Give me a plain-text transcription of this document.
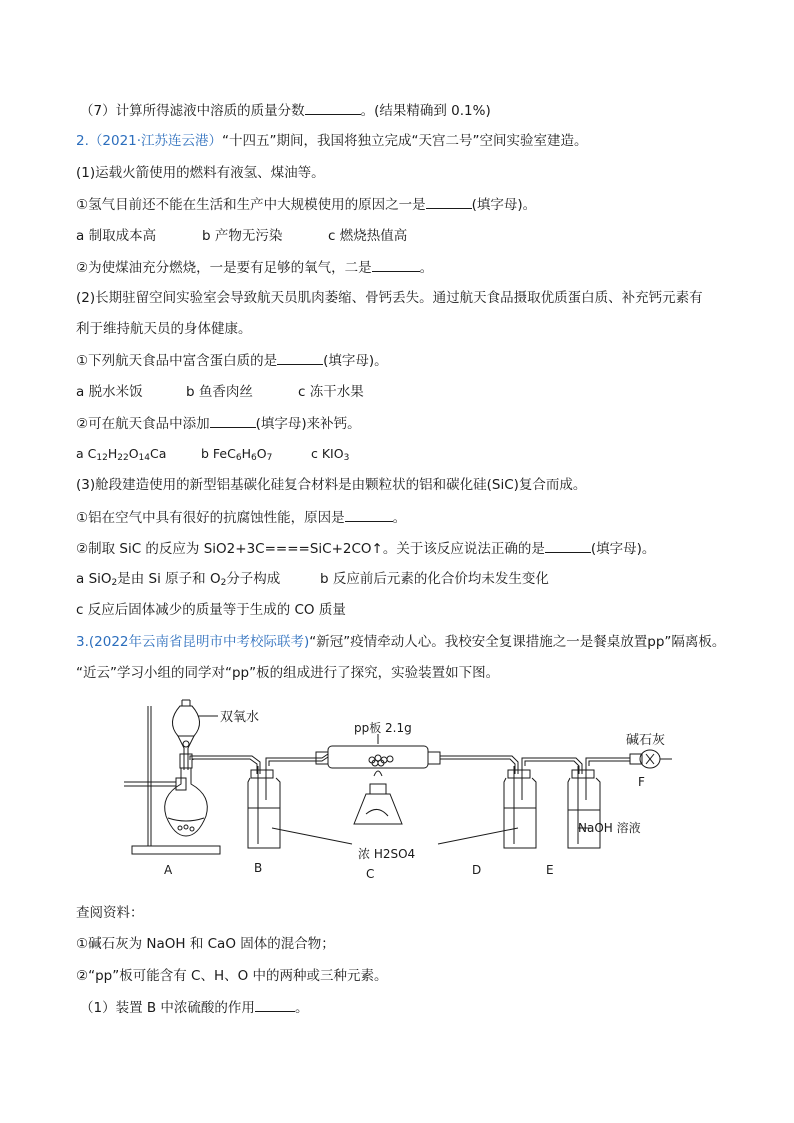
（7）计算所得滤液中溶质的质量分数	。(结果精确到 0.1%)
2.（2021·江苏连云港）“十四五”期间，我国将独立完成“天宫二号”空间实验室建造。
(1)运载火箭使用的燃料有液氢、煤油等。
①氢气目前还不能在生活和生产中大规模使用的原因之一是	(填字母)。
a 制取成本高	b 产物无污染	c 燃烧热值高
②为使煤油充分燃烧，一是要有足够的氧气，二是	。
(2)长期驻留空间实验室会导致航天员肌肉萎缩、骨钙丢失。通过航天食品摄取优质蛋白质、补充钙元素有
利于维持航天员的身体健康。
①下列航天食品中富含蛋白质的是	(填字母)。
a 脱水米饭	b 鱼香肉丝	c 冻干水果
②可在航天食品中添加	(填字母)来补钙。
a $C_{12}H_{22}O_{14}Ca$	b $FeC_6H_6O_7$	c $KIO_3$
(3)舱段建造使用的新型铝基碳化硅复合材料是由颗粒状的铝和碳化硅(SiC)复合而成。
①铝在空气中具有很好的抗腐蚀性能，原因是	。
②制取 SiC 的反应为 SiO2+3C====SiC+2CO↑。关于该反应说法正确的是	(填字母)。
a SiO$_2$是由 Si 原子和 $O_2$分子构成	b 反应前后元素的化合价均未发生变化
c 反应后固体减少的质量等于生成的 CO 质量
3.(2022年云南省昆明市中考校际联考)“新冠”疫情牵动人心。我校安全复课措施之一是餐桌放置pp”隔离板。
“近云”学习小组的同学对“pp”板的组成进行了探究，实验装置如下图。
双氧水
pp板 2.1g
碱石灰
NaOH 溶液
浓 H2SO4
A	B	C	D	E
F
查阅资料：
①碱石灰为 NaOH 和 CaO 固体的混合物；
②“pp”板可能含有 C、H、O 中的两种或三种元素。
（1）装置 B 中浓硫酸的作用	。
